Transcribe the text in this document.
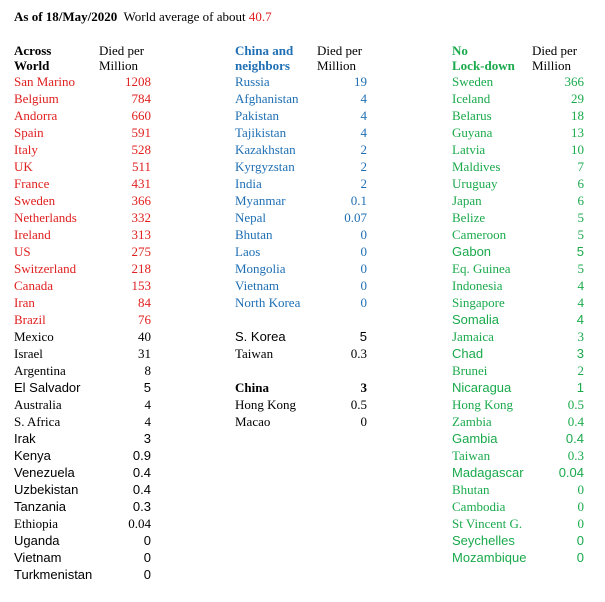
As of 18/May/2020 World average of about 40.7
Across
World
Died per
Million
San Marino	1208
Belgium	784
Andorra	660
Spain	591
Italy	528
UK	511
France	431
Sweden	366
Netherlands	332
Ireland	313
US	275
Switzerland	218
Canada	153
Iran	84
Brazil	76
Mexico	40
Israel	31
Argentina	8
El Salvador	5
Australia	4
S. Africa	4
Irak	3
Kenya	0.9
Venezuela	0.4
Uzbekistan	0.4
Tanzania	0.3
Ethiopia	0.04
Uganda	0
Vietnam	0
Turkmenistan	0
China and
neighbors
Died per
Million
Russia	19
Afghanistan	4
Pakistan	4
Tajikistan	4
Kazakhstan	2
Kyrgyzstan	2
India	2
Myanmar	0.1
Nepal	0.07
Bhutan	0
Laos	0
Mongolia	0
Vietnam	0
North Korea	0
S. Korea	5
Taiwan	0.3
China	3
Hong Kong	0.5
Macao	0
No
Lock-down
Died per
Million
Sweden	366
Iceland	29
Belarus	18
Guyana	13
Latvia	10
Maldives	7
Uruguay	6
Japan	6
Belize	5
Cameroon	5
Gabon	5
Eq. Guinea	5
Indonesia	4
Singapore	4
Somalia	4
Jamaica	3
Chad	3
Brunei	2
Nicaragua	1
Hong Kong	0.5
Zambia	0.4
Gambia	0.4
Taiwan	0.3
Madagascar	0.04
Bhutan	0
Cambodia	0
St Vincent G.	0
Seychelles	0
Mozambique	0
